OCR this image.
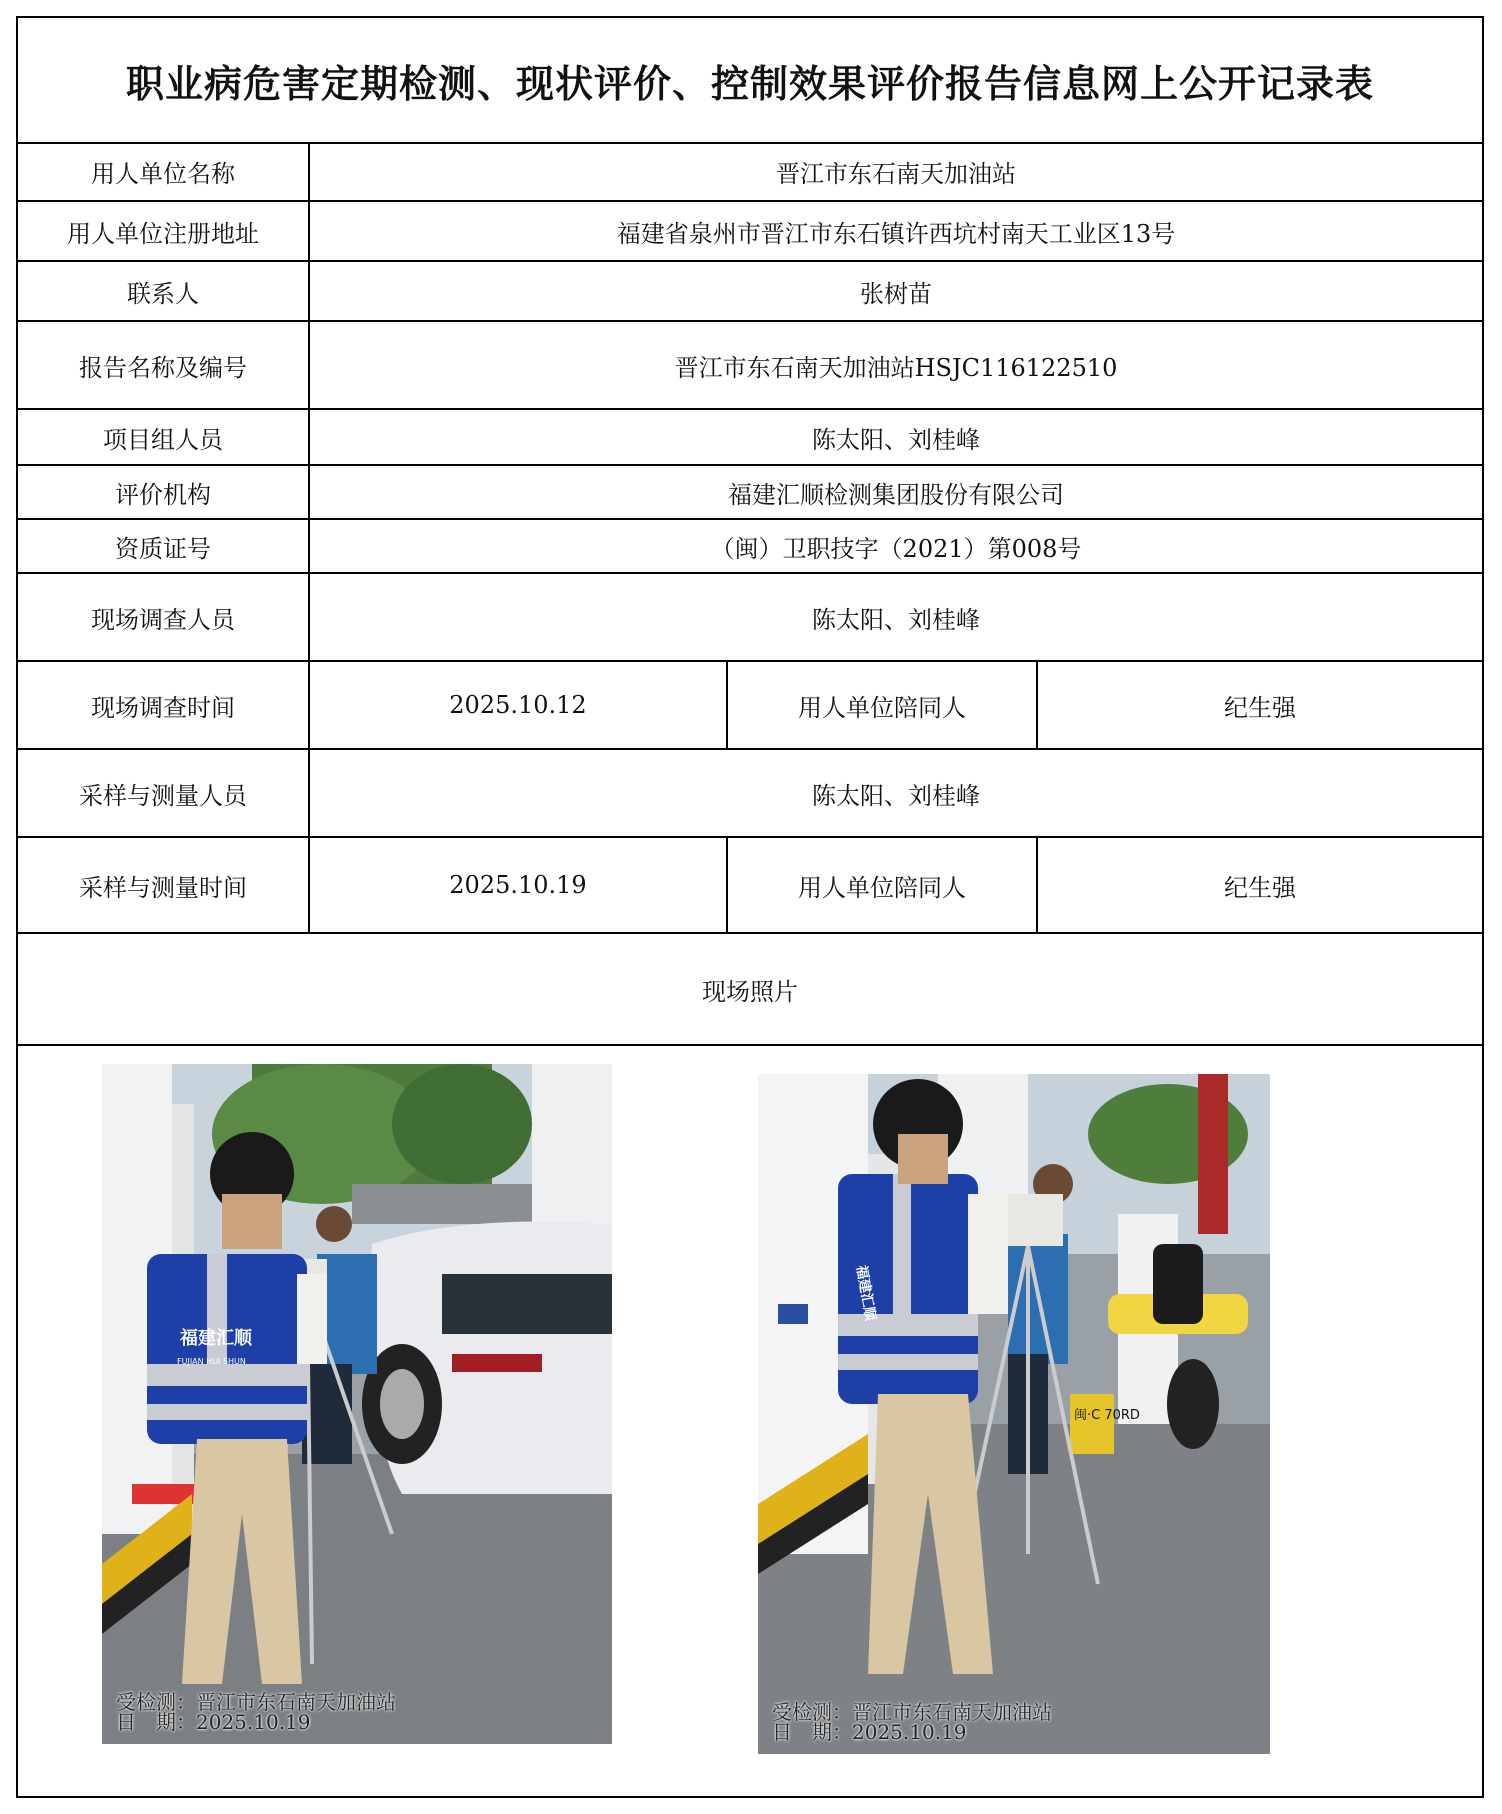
职业病危害定期检测、现状评价、控制效果评价报告信息网上公开记录表
用人单位名称	晋江市东石南天加油站
用人单位注册地址	福建省泉州市晋江市东石镇许西坑村南天工业区13号
联系人	张树苗
报告名称及编号	晋江市东石南天加油站HSJC116122510
项目组人员	陈太阳、刘桂峰
评价机构	福建汇顺检测集团股份有限公司
资质证号	（闽）卫职技字（2021）第008号
现场调查人员	陈太阳、刘桂峰
现场调查时间	2025.10.12	用人单位陪同人	纪生强
采样与测量人员	陈太阳、刘桂峰
采样与测量时间	2025.10.19	用人单位陪同人	纪生强
现场照片
福建汇顺
FUJIAN HUI SHUN
受检测：晋江市东石南天加油站
日　期：2025.10.19
闽·C 70RD
福建汇顺
受检测：晋江市东石南天加油站
日　期：2025.10.19
